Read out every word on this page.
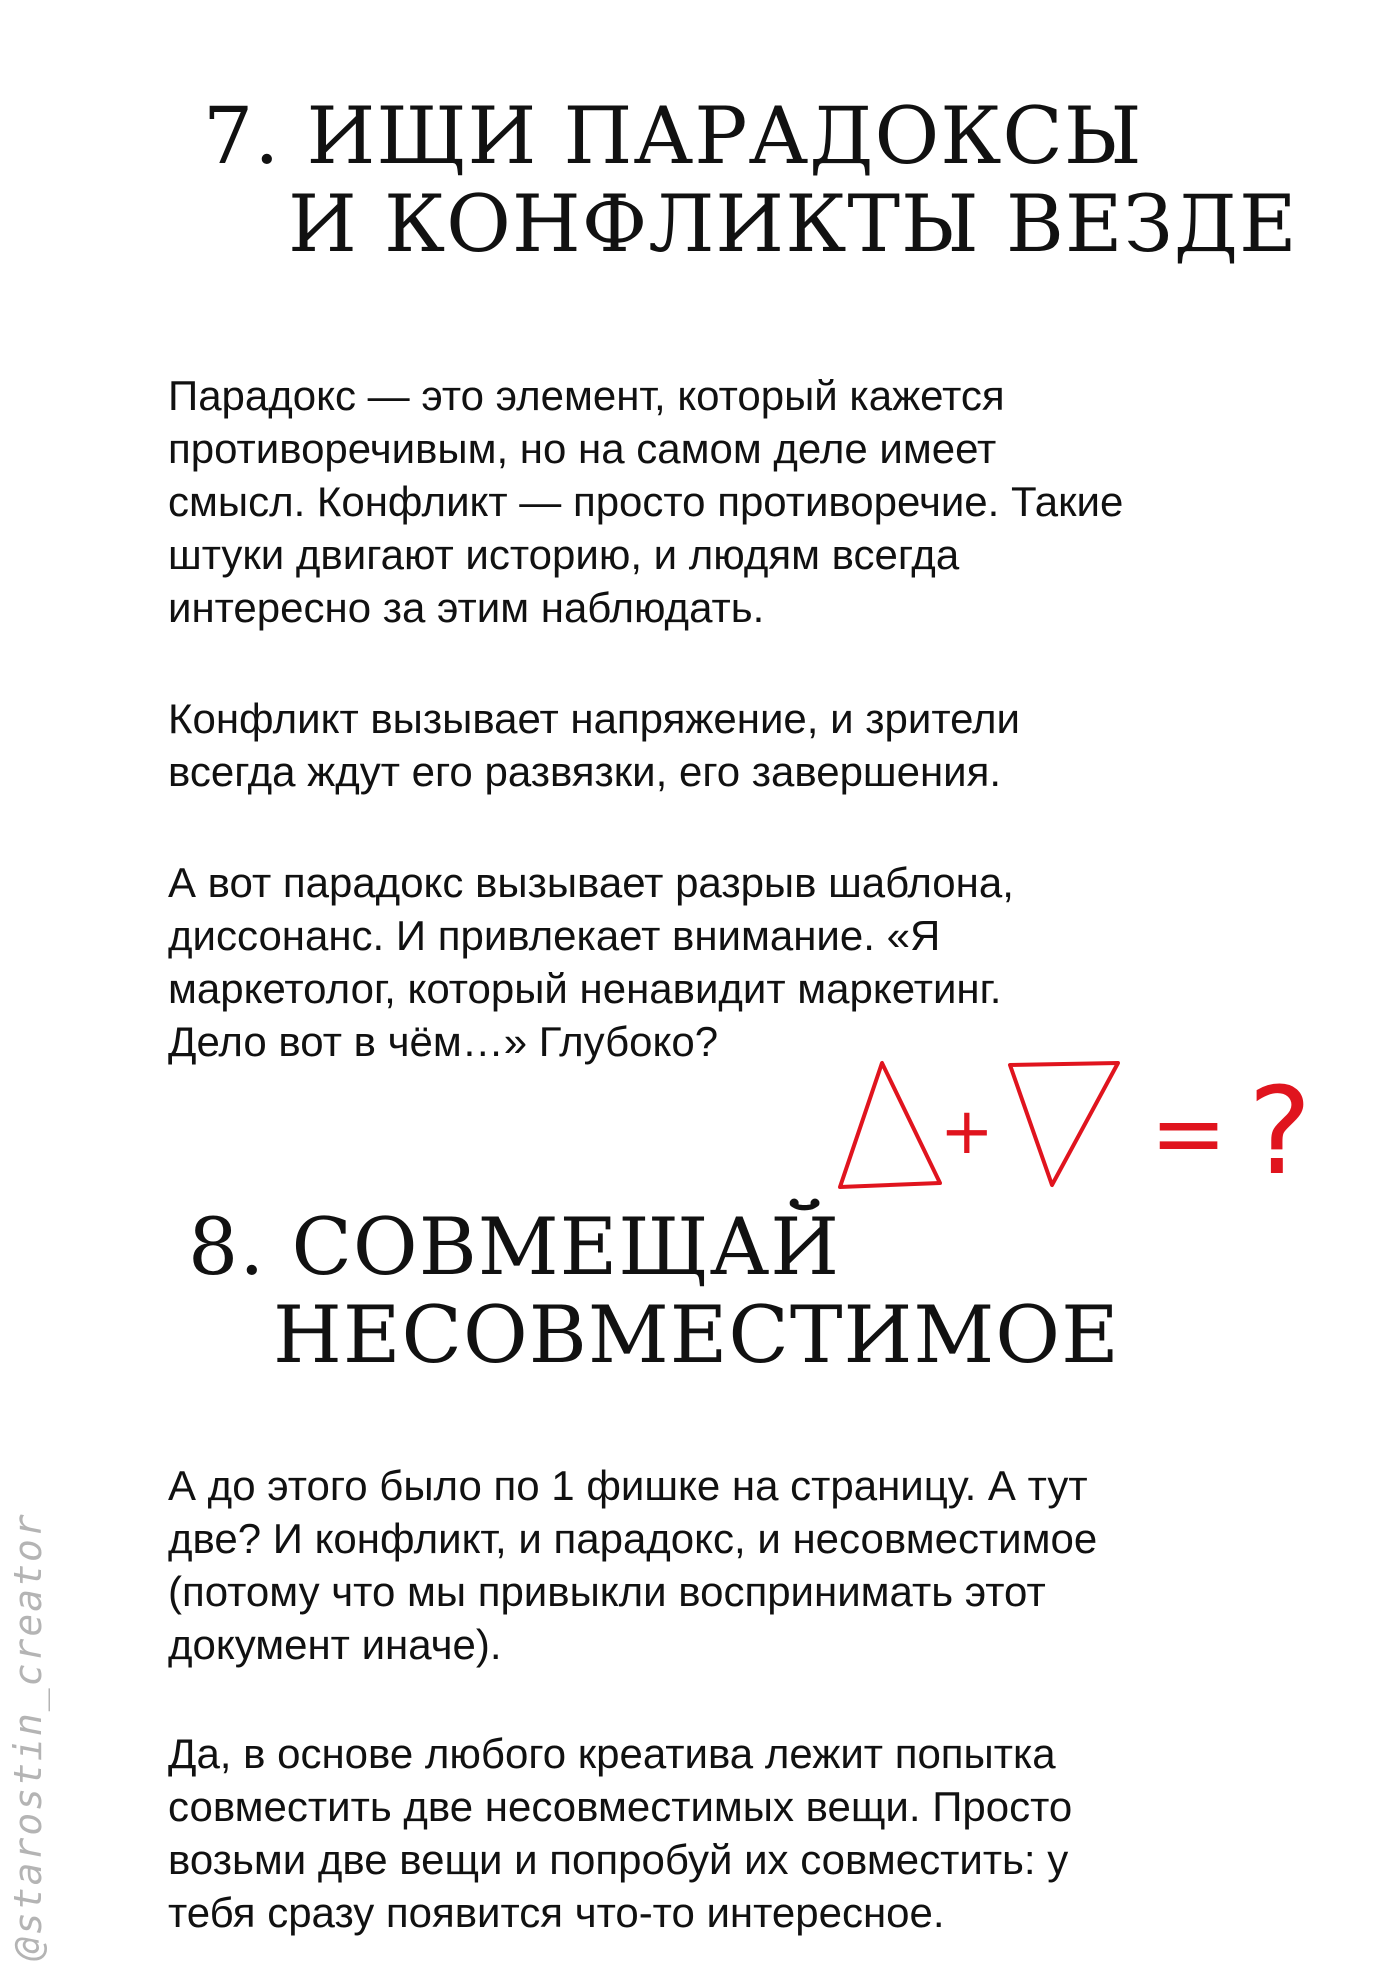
7. ИЩИ ПАРАДОКСЫ
И КОНФЛИКТЫ ВЕЗДЕ

Парадокс — это элемент, который кажется
противоречивым, но на самом деле имеет
смысл. Конфликт — просто противоречие. Такие
штуки двигают историю, и людям всегда
интересно за этим наблюдать.

Конфликт вызывает напряжение, и зрители
всегда ждут его развязки, его завершения.

А вот парадокс вызывает разрыв шаблона,
диссонанс. И привлекает внимание. «Я
маркетолог, который ненавидит маркетинг.
Дело вот в чём…» Глубоко?

+ = ?
8. СОВМЕЩАЙ
НЕСОВМЕСТИМОЕ

А до этого было по 1 фишке на страницу. А тут
две? И конфликт, и парадокс, и несовместимое
(потому что мы привыкли воспринимать этот
документ иначе).

Да, в основе любого креатива лежит попытка
совместить две несовместимых вещи. Просто
возьми две вещи и попробуй их совместить: у
тебя сразу появится что-то интересное.

@starostin_creator
